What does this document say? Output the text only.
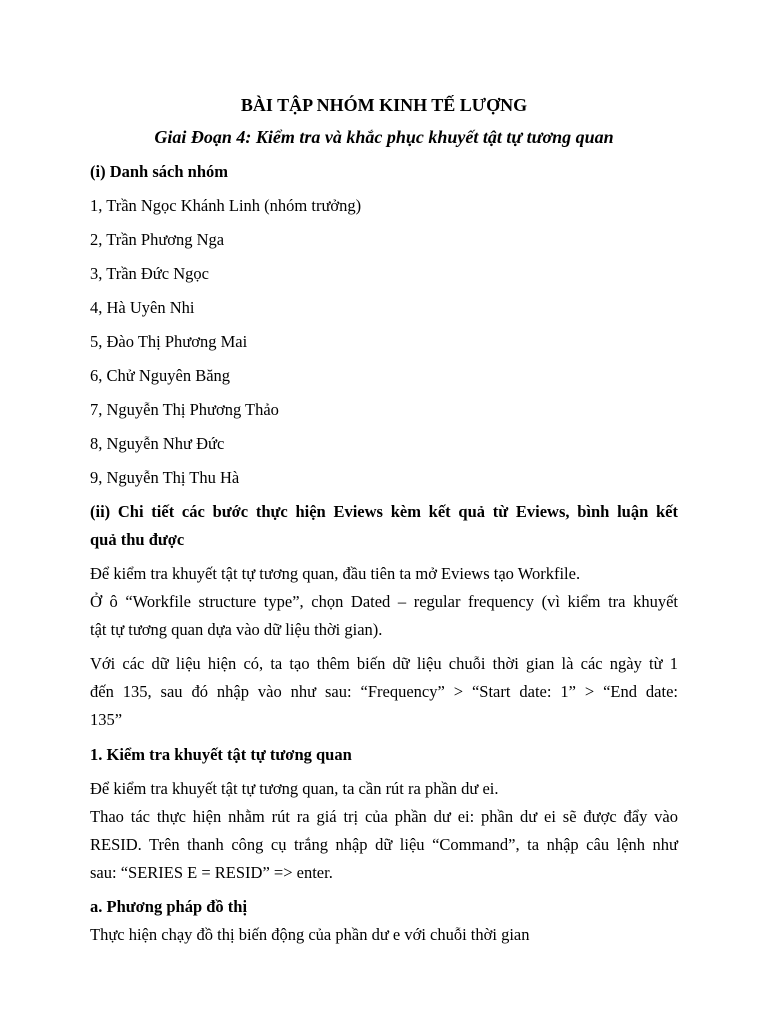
BÀI TẬP NHÓM KINH TẾ LƯỢNG
Giai Đoạn 4: Kiểm tra và khắc phục khuyết tật tự tương quan
(i) Danh sách nhóm
1, Trần Ngọc Khánh Linh (nhóm trưởng)
2, Trần Phương Nga
3, Trần Đức Ngọc
4, Hà Uyên Nhi
5, Đào Thị Phương Mai
6, Chử Nguyên Băng
7, Nguyễn Thị Phương Thảo
8, Nguyễn Như Đức
9, Nguyễn Thị Thu Hà
(ii) Chi tiết các bước thực hiện Eviews kèm kết quả từ Eviews, bình luận kết
quả thu được

Để kiểm tra khuyết tật tự tương quan, đầu tiên ta mở Eviews tạo Workfile.

Ở ô “Workfile structure type”, chọn Dated – regular frequency (vì kiểm tra khuyết

tật tự tương quan dựa vào dữ liệu thời gian).

Với các dữ liệu hiện có, ta tạo thêm biến dữ liệu chuỗi thời gian là các ngày từ 1

đến 135, sau đó nhập vào như sau: “Frequency” > “Start date: 1” > “End date:

135”

1. Kiểm tra khuyết tật tự tương quan

Để kiểm tra khuyết tật tự tương quan, ta cần rút ra phần dư ei.

Thao tác thực hiện nhằm rút ra giá trị của phần dư ei: phần dư ei sẽ được đẩy vào

RESID. Trên thanh công cụ trắng nhập dữ liệu “Command”, ta nhập câu lệnh như

sau: “SERIES E = RESID” => enter.

a. Phương pháp đồ thị

Thực hiện chạy đồ thị biến động của phần dư e với chuỗi thời gian
